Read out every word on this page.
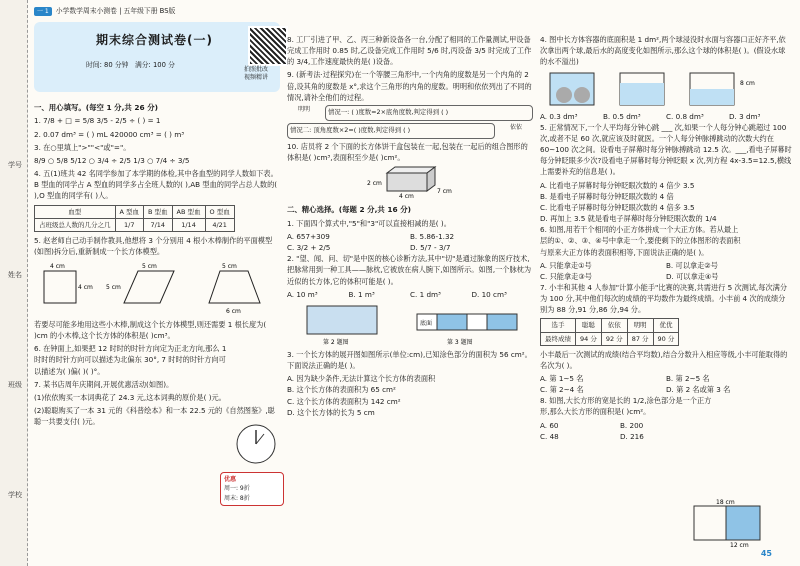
学号
姓名
班级
学校
一 1	小学数学周末小测卷 | 五年级下册 BS版
期末综合测试卷(一)
时间: 80 分钟 满分: 100 分
拍照批改
视频精讲
一、用心填写。(每空 1 分,共 26 分)
1. 7/8 + □ = 5/8 3/5 - 2/5 ÷ ( ) = 1
2. 0.07 dm³ = ( ) mL 420000 cm³ = ( ) m³
3. 在○里填上">""<"或"="。
8/9 ○ 5/8 5/12 ○ 3/4 ÷ 2/5 1/3 ○ 7/4 ÷ 3/5
4. 五(1)班共 42 名同学参加了本学期的体检,其中各血型的同学人数如下表。B 型血的同学占 A 型血的同学多占全班人数的( ),AB 型血的同学占总人数的( ),O 型血的同学有( )人。
血型	A 型血	B 型血	AB 型血	O 型血
占班级总人数的几分之几	1/7	7/14	1/14	4/21
5. 赵老师自己动手制作教具,他想将 3 个分别用 4 根小木棒制作的平面模型(如图)拆分后,重新制成一个长方体模型。
4 cm
4 cm
5 cm
5 cm
5 cm
6 cm
若要尽可能多地用这些小木棒,制成这个长方体模型,则还需要 1 根长度为( )cm 的小木棒,这个长方体的体积是( )cm³。
6. 在钟面上,如果把 12 时时的时针方向定为正北方向,那么 1 时时的时针方向可以描述为北偏东 30°, 7 时时的时针方向可以描述为( )偏( )( )°。
7. 某书店周年庆期间,开展优惠活动(如图)。
(1)依依购买一本词典花了 24.3 元,这本词典的原价是( )元。
(2)聪聪购买了一本 31 元的《科普绘本》和一本 22.5 元的《自然图鉴》,聪聪一共要支付( )元。
优惠
周一: 9折
周末: 8折
8. 工厂引进了甲、乙、丙三种新设备各一台,分配了相同的工作量测试,甲设备完成工作用时 0.85 时,乙设备完成工作用时 5/6 时,丙设备 3/5 时完成了工作的 3/4,工作速度最快的是( )设备。
9. (新考法·过程探究)在一个等腰三角形中,一个内角的度数是另一个内角的 2 倍,设其角的度数是 x°,求这个三角形的内角的度数。明明和依依列出了不同的情况,请补全他们的过程。
明明	情况一: ( )度数=2×底角度数,判定得到 ( )
情况二: 顶角度数×2=( )度数,判定得到 ( )	依依
10. 店员将 2 个下面的长方体饼干盒包装在一起,包装在一起后的组合图形的体积是( )cm³,表面积至少是( )cm²。
2 cm
7 cm
4 cm
二、精心选择。(每题 2 分,共 16 分)
1. 下面四个算式中,"5"和"3"可以直接相减的是( )。
A. 657+309	B. 5.86-1.32
C. 3/2 + 2/5	D. 5/7 - 3/7
2. "望、闻、问、切"是中医的核心诊断方法,其中"切"是通过脉象的医疗技术,把脉常用到一种工具——脉枕,它被放在病人腕下,如图所示。如图,一个脉枕为近似的长方体,它的体积可能是( )。
A. 10 m³	B. 1 m³	C. 1 dm³	D. 10 cm³
底面
第 2 题图	第 3 题图
3. 一个长方体的展开图如图所示(单位:cm),已知涂色部分的面积为 56 cm²。下面说法正确的是( )。
A. 因为缺少条件,无法计算这个长方体的表面积
B. 这个长方体的表面积为 65 cm²
C. 这个长方体的表面积为 142 cm²
D. 这个长方体的长为 5 cm
4. 图中长方体容器的底面积是 1 dm²,两个球浸没时水面与容器口正好齐平,依次拿出两个球,最后水的高度变化如图所示,那么这个球的体积是( )。(假设水球的水不溢出)
8 cm
A. 0.3 dm³	B. 0.5 dm³	C. 0.8 dm³	D. 3 dm³
5. 正常情况下,一个人平均每分钟心跳 ___ 次,如果一个人每分钟心跳超过 100 次,或者不足 60 次,就应该及时就医。一个人每分钟脉搏跳动的次数大约在 60~100 次之间。设看电子屏幕时每分钟脉搏跳动 12.5 次。___,看电子屏幕时每分钟眨眼多少次?设看电子屏幕时每分钟眨眼 x 次,列方程 4x-3.5=12.5,横线上需要补充的信息是( )。
A. 比看电子屏幕时每分钟眨眼次数的 4 倍少 3.5
B. 是看电子屏幕时每分钟眨眼次数的 4 倍
C. 比看电子屏幕时每分钟眨眼次数的 4 倍多 3.5
D. 再加上 3.5 就是看电子屏幕时每分钟眨眼次数的 1/4
6. 如图,用若干个相同的小正方体拼成一个大正方体。若从最上层的①、②、③、④号中拿走一个,要使剩下的立体图形的表面积与原来大正方体的表面积相等,下面说法正确的是( )。
A. 只能拿走①号	B. 可以拿走②号
C. 只能拿走③号	D. 可以拿走④号
7. 小丰和其他 4 人参加"计算小能手"比赛的决赛,共需进行 5 次测试,每次满分为 100 分,其中他们每次的成绩的平均数作为最终成绩。小丰前 4 次的成绩分别为 88 分,91 分,86 分,94 分。
选手	聪聪	依依	明明	优优
最终成绩	94 分	92 分	87 分	90 分
小丰最后一次测试的成绩(结合平均数),结合分数升入相应等级,小丰可能取得的名次为( )。
A. 第 1~5 名	B. 第 2~5 名
C. 第 2~4 名	D. 第 2 名或第 3 名
8. 如图,大长方形的宽是长的 1/2,涂色部分是一个正方形,那么大长方形的面积是( )cm²。
A. 60	B. 200
C. 48	D. 216
18 cm
12 cm
45
